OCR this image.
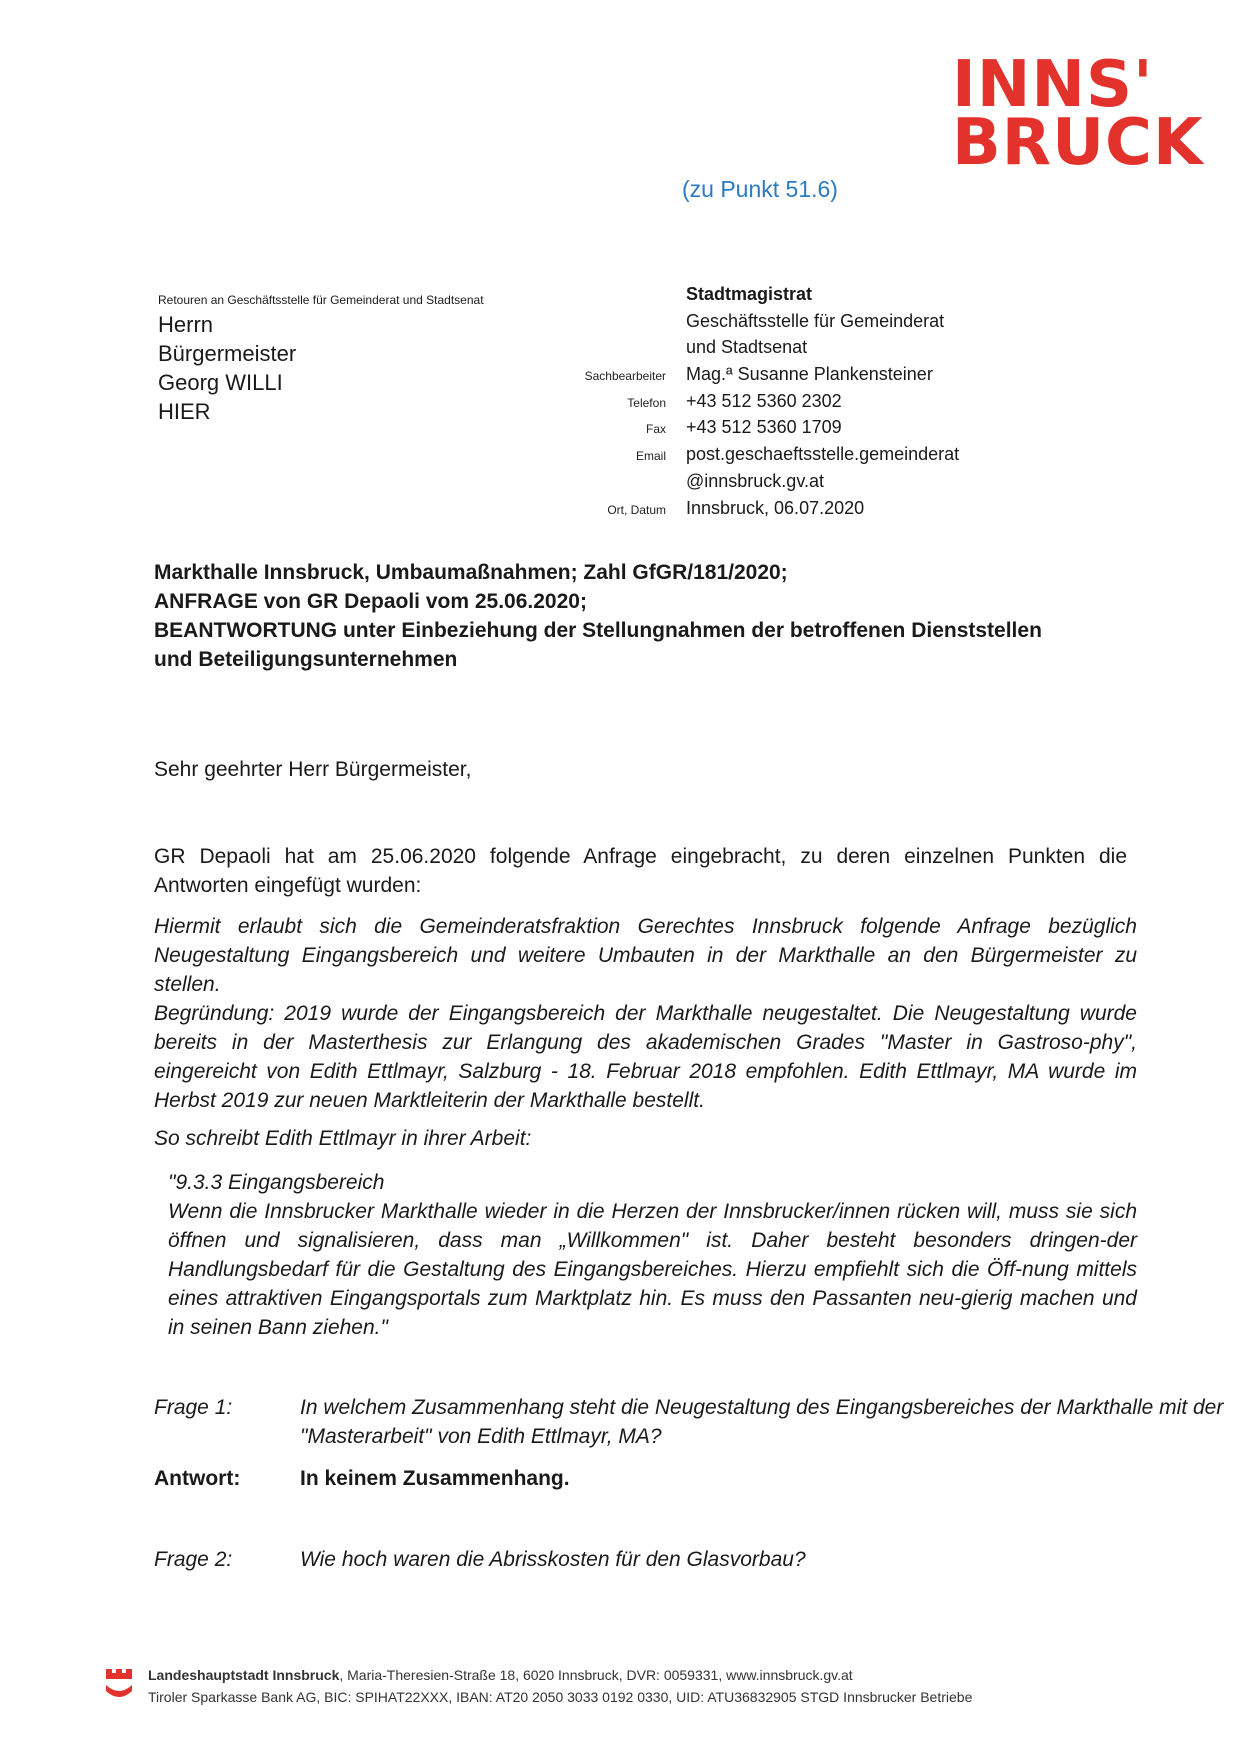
INNS'
BRUCK
(zu Punkt 51.6)
Retouren an Geschäftsstelle für Gemeinderat und Stadtsenat
Herrn
Bürgermeister
Georg WILLI
HIER
Stadtmagistrat
Geschäftsstelle für Gemeinderat
und Stadtsenat
Sachbearbeiter	Mag.ª Susanne Plankensteiner
Telefon	+43 512 5360 2302
Fax	+43 512 5360 1709
Email	post.geschaeftsstelle.gemeinderat
@innsbruck.gv.at
Ort, Datum	Innsbruck, 06.07.2020
Markthalle Innsbruck, Umbaumaßnahmen; Zahl GfGR/181/2020;
ANFRAGE von GR Depaoli vom 25.06.2020;
BEANTWORTUNG unter Einbeziehung der Stellungnahmen der betroffenen Dienststellen
und Beteiligungsunternehmen
Sehr geehrter Herr Bürgermeister,
GR Depaoli hat am 25.06.2020 folgende Anfrage eingebracht, zu deren einzelnen Punkten die Antworten eingefügt wurden:

Hiermit erlaubt sich die Gemeinderatsfraktion Gerechtes Innsbruck folgende Anfrage bezüglich Neugestaltung Eingangsbereich und weitere Umbauten in der Markthalle an den Bürgermeister zu stellen.

Begründung: 2019 wurde der Eingangsbereich der Markthalle neugestaltet. Die Neugestaltung wurde bereits in der Masterthesis zur Erlangung des akademischen Grades "Master in Gastroso-phy", eingereicht von Edith Ettlmayr, Salzburg - 18. Februar 2018 empfohlen. Edith Ettlmayr, MA wurde im Herbst 2019 zur neuen Marktleiterin der Markthalle bestellt.

So schreibt Edith Ettlmayr in ihrer Arbeit:

"9.3.3 Eingangsbereich

Wenn die Innsbrucker Markthalle wieder in die Herzen der Innsbrucker/innen rücken will, muss sie sich öffnen und signalisieren, dass man „Willkommen" ist. Daher besteht besonders dringen-der Handlungsbedarf für die Gestaltung des Eingangsbereiches. Hierzu empfiehlt sich die Öff-nung mittels eines attraktiven Eingangsportals zum Marktplatz hin. Es muss den Passanten neu-gierig machen und in seinen Bann ziehen."

Frage 1:	In welchem Zusammenhang steht die Neugestaltung des Eingangsbereiches der Markthalle mit der "Masterarbeit" von Edith Ettlmayr, MA?
Antwort:	In keinem Zusammenhang.
Frage 2:	Wie hoch waren die Abrisskosten für den Glasvorbau?
Landeshauptstadt Innsbruck, Maria-Theresien-Straße 18, 6020 Innsbruck, DVR: 0059331, www.innsbruck.gv.at
Tiroler Sparkasse Bank AG, BIC: SPIHAT22XXX, IBAN: AT20 2050 3033 0192 0330, UID: ATU36832905 STGD Innsbrucker Betriebe
